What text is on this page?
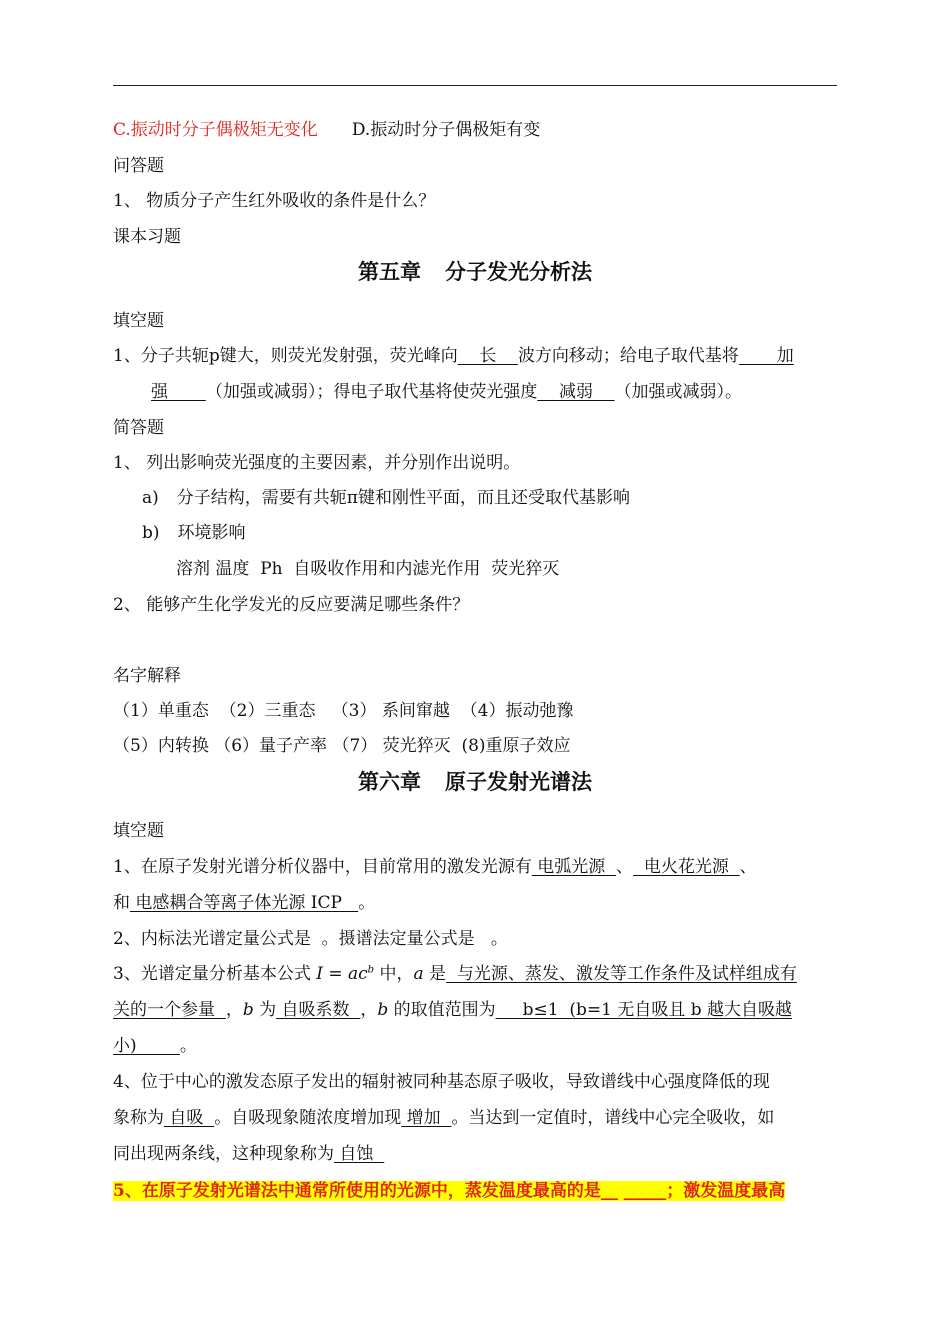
C.振动时分子偶极矩无变化 D.振动时分子偶极矩有变
问答题
1、 物质分子产生红外吸收的条件是什么？
课本习题
第五章 分子发光分析法
填空题
1、分子共轭p键大，则荧光发射强，荧光峰向    长    波方向移动；给电子取代基将       加
强       （加强或减弱）；得电子取代基将使荧光强度    减弱    （加强或减弱）。
简答题
1、 列出影响荧光强度的主要因素，并分别作出说明。
a) 分子结构，需要有共轭π键和刚性平面，而且还受取代基影响
b) 环境影响
溶剂 温度  Ph  自吸收作用和内滤光作用  荧光猝灭
2、 能够产生化学发光的反应要满足哪些条件？
名字解释
（1）单重态  （2）三重态   （3） 系间窜越  （4）振动弛豫
（5）内转换 （6）量子产率 （7） 荧光猝灭  (8)重原子效应
第六章 原子发射光谱法
填空题
1、在原子发射光谱分析仪器中，目前常用的激发光源有 电弧光源  、  电火花光源  、
和 电感耦合等离子体光源 ICP   。
2、内标法光谱定量公式是  。摄谱法定量公式是   。
3、光谱定量分析基本公式 $I = ac^b$ 中，a 是  与光源、蒸发、激发等工作条件及试样组成有
关的一个参量  ，b 为 自吸系数  ，b 的取值范围为     b≤1  (b=1 无自吸且 b 越大自吸越
小)        。
4、位于中心的激发态原子发出的辐射被同种基态原子吸收，导致谱线中心强度降低的现
象称为 自吸  。自吸现象随浓度增加现 增加  。当达到一定值时，谱线中心完全吸收，如
同出现两条线，这种现象称为 自蚀
5、在原子发射光谱法中通常所使用的光源中，蒸发温度最高的是__ _____；激发温度最高
